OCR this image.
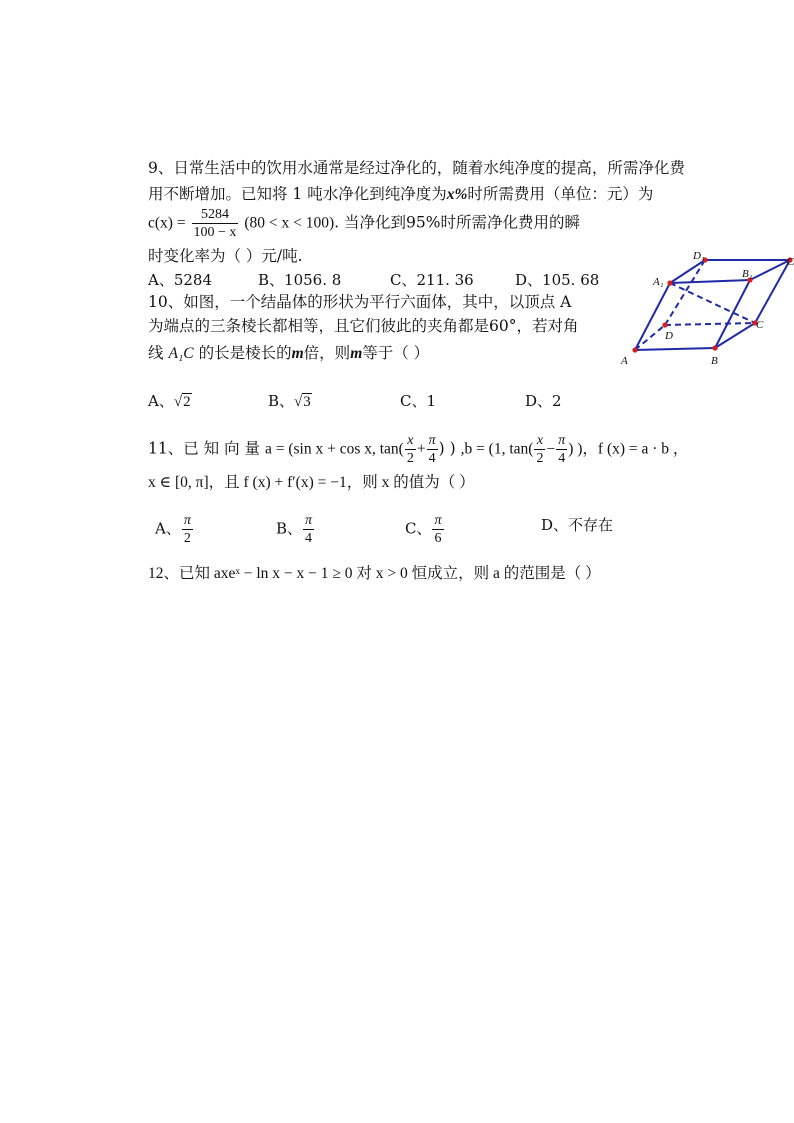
9、日常生活中的饮用水通常是经过净化的，随着水纯净度的提高，所需净化费
用不断增加。已知将 1 吨水净化到纯净度为x%时所需费用（单位：元）为
$c(x) = \frac{5284}{100 - x} (80 < x < 100)$. 当净化到95%时所需净化费用的瞬
时变化率为（ ）元/吨.
A、5284	B、1056. 8	C、211. 36	D、105. 68
10、如图，一个结晶体的形状为平行六面体，其中，以顶点 A
为端点的三条棱长都相等，且它们彼此的夹角都是60°，若对角
线 A₁C 的长是棱长的m倍，则m等于（ ）
A、√2	B、√3	C、1	D、2
D₁	C
A₁
B₁
D
C
A	B
11、已 知 向 量 a = (sin x + cos x, $\tan( \frac{x}{2} + \frac{\pi}{4}$ ) ) ,b = (1, $\tan( \frac{x}{2} - \frac{\pi}{4}$ ) )，f (x) = a · b ，
x ∈ [0, π]，且 f (x) + f′(x) = −1，则 x 的值为（ ）
A、 $\frac{\pi}{2}$	B、 $\frac{\pi}{4}$	C、 $\frac{\pi}{6}$	D、不存在
12、已知 axeˣ − ln x − x − 1 ≥ 0 对 x > 0 恒成立，则 a 的范围是（ ）
